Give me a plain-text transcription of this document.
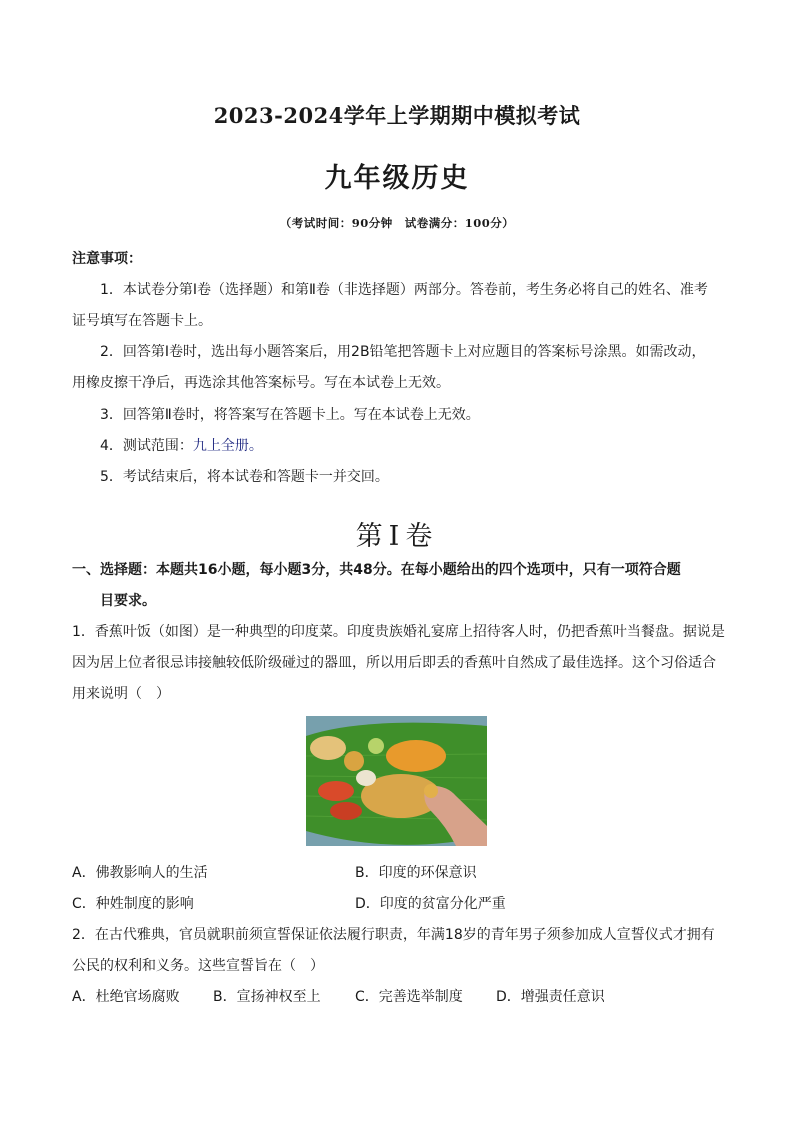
2023-2024学年上学期期中模拟考试
九年级历史
（考试时间：90分钟　试卷满分：100分）
注意事项：
1．本试卷分第Ⅰ卷（选择题）和第Ⅱ卷（非选择题）两部分。答卷前，考生务必将自己的姓名、准考
证号填写在答题卡上。
2．回答第Ⅰ卷时，选出每小题答案后，用2B铅笔把答题卡上对应题目的答案标号涂黑。如需改动，
用橡皮擦干净后，再选涂其他答案标号。写在本试卷上无效。
3．回答第Ⅱ卷时，将答案写在答题卡上。写在本试卷上无效。
4．测试范围：九上全册。
5．考试结束后，将本试卷和答题卡一并交回。
第Ⅰ卷
一、选择题：本题共16小题，每小题3分，共48分。在每小题给出的四个选项中，只有一项符合题
目要求。
1．香蕉叶饭（如图）是一种典型的印度菜。印度贵族婚礼宴席上招待客人时，仍把香蕉叶当餐盘。据说是
因为居上位者很忌讳接触较低阶级碰过的器皿，所以用后即丢的香蕉叶自然成了最佳选择。这个习俗适合
用来说明（　）
A．佛教影响人的生活	B．印度的环保意识
C．种姓制度的影响	D．印度的贫富分化严重
2．在古代雅典，官员就职前须宣誓保证依法履行职责，年满18岁的青年男子须参加成人宣誓仪式才拥有
公民的权利和义务。这些宣誓旨在（　）
A．杜绝官场腐败 B．宣扬神权至上 C．完善选举制度 D．增强责任意识
